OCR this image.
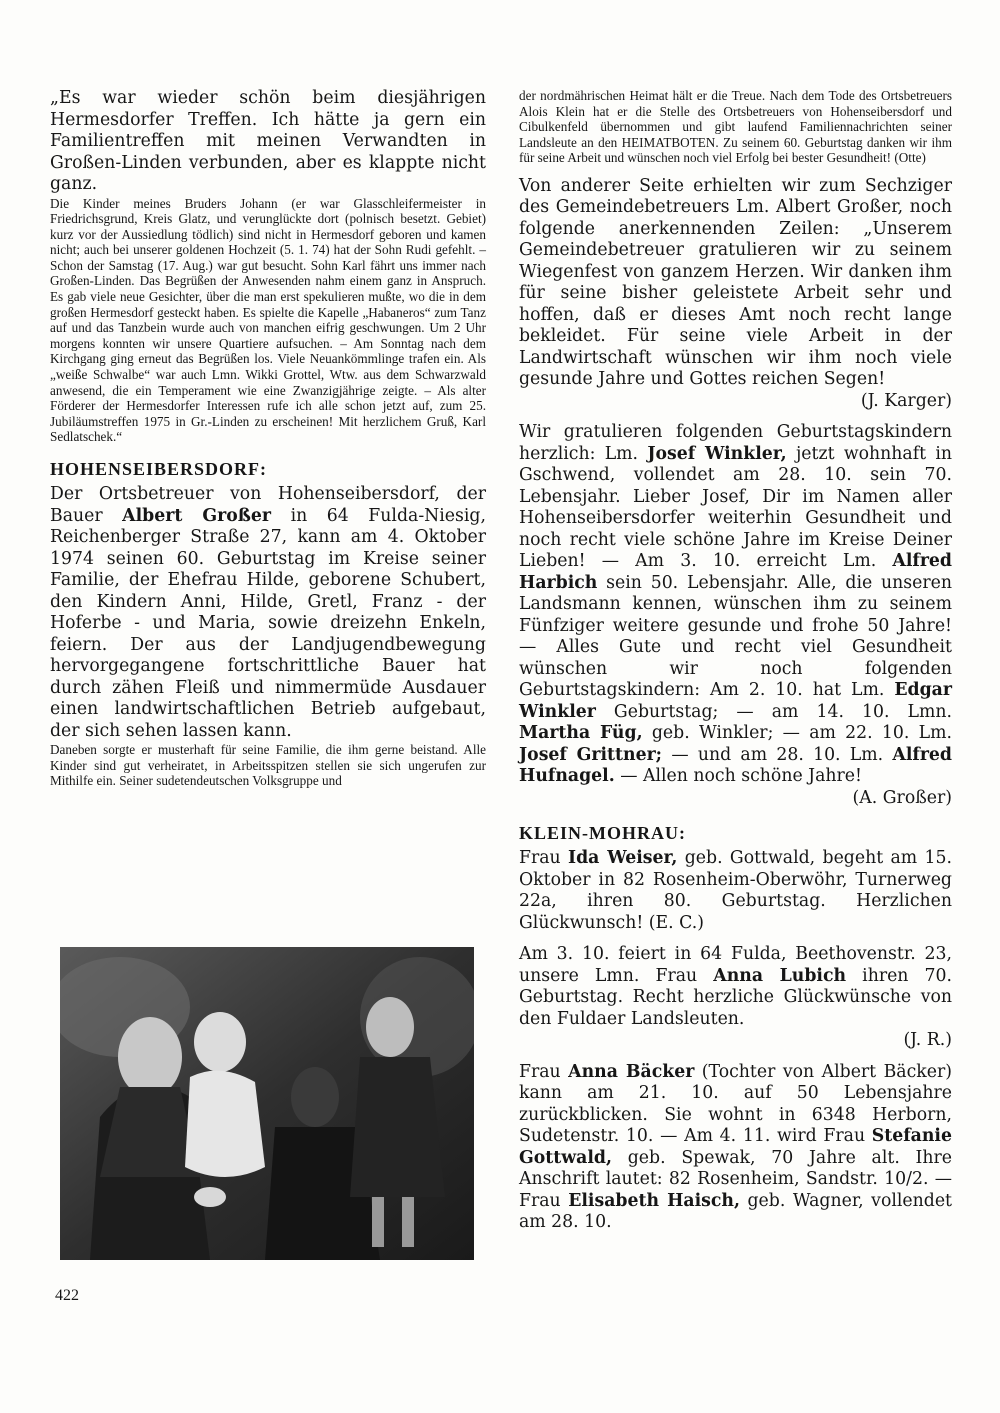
„Es war wieder schön beim diesjährigen Hermesdorfer Treffen. Ich hätte ja gern ein Familientreffen mit meinen Verwandten in Großen-Linden verbunden, aber es klappte nicht ganz.

Die Kinder meines Bruders Johann (er war Glasschleifermeister in Friedrichsgrund, Kreis Glatz, und verunglückte dort (polnisch besetzt. Gebiet) kurz vor der Aussiedlung tödlich) sind nicht in Hermesdorf geboren und kamen nicht; auch bei unserer goldenen Hochzeit (5. 1. 74) hat der Sohn Rudi gefehlt. – Schon der Samstag (17. Aug.) war gut besucht. Sohn Karl fährt uns immer nach Großen-Linden. Das Begrüßen der Anwesenden nahm einem ganz in Anspruch. Es gab viele neue Gesichter, über die man erst spekulieren mußte, wo die in dem großen Hermesdorf gesteckt haben. Es spielte die Kapelle „Habaneros“ zum Tanz auf und das Tanzbein wurde auch von manchen eifrig geschwungen. Um 2 Uhr morgens konnten wir unsere Quartiere aufsuchen. – Am Sonntag nach dem Kirchgang ging erneut das Begrüßen los. Viele Neuankömmlinge trafen ein. Als „weiße Schwalbe“ war auch Lmn. Wikki Grottel, Wtw. aus dem Schwarzwald anwesend, die ein Temperament wie eine Zwanzigjährige zeigte. – Als alter Förderer der Hermesdorfer Interessen rufe ich alle schon jetzt auf, zum 25. Jubiläumstreffen 1975 in Gr.-Linden zu erscheinen! Mit herzlichem Gruß, Karl Sedlatschek.“

HOHENSEIBERSDORF:

Der Ortsbetreuer von Hohenseibersdorf, der Bauer Albert Großer in 64 Fulda-Niesig, Reichenberger Straße 27, kann am 4. Oktober 1974 seinen 60. Geburtstag im Kreise seiner Familie, der Ehefrau Hilde, geborene Schubert, den Kindern Anni, Hilde, Gretl, Franz - der Hoferbe - und Maria, sowie dreizehn Enkeln, feiern. Der aus der Landjugendbewegung hervorgegangene fortschrittliche Bauer hat durch zähen Fleiß und nimmermüde Ausdauer einen landwirtschaftlichen Betrieb aufgebaut, der sich sehen lassen kann.

Daneben sorgte er musterhaft für seine Familie, die ihm gerne beistand. Alle Kinder sind gut verheiratet, in Arbeitsspitzen stellen sie sich ungerufen zur Mithilfe ein. Seiner sudetendeutschen Volksgruppe und

der nordmährischen Heimat hält er die Treue. Nach dem Tode des Ortsbetreuers Alois Klein hat er die Stelle des Ortsbetreuers von Hohenseibersdorf und Cibulkenfeld übernommen und gibt laufend Familiennachrichten seiner Landsleute an den HEIMATBOTEN. Zu seinem 60. Geburtstag danken wir ihm für seine Arbeit und wünschen noch viel Erfolg bei bester Gesundheit! (Otte)

Von anderer Seite erhielten wir zum Sechziger des Gemeindebetreuers Lm. Albert Großer, noch folgende anerkennenden Zeilen: „Unserem Gemeindebetreuer gratulieren wir zu seinem Wiegenfest von ganzem Herzen. Wir danken ihm für seine bisher geleistete Arbeit sehr und hoffen, daß er dieses Amt noch recht lange bekleidet. Für seine viele Arbeit in der Landwirtschaft wünschen wir ihm noch viele gesunde Jahre und Gottes reichen Segen!

(J. Karger)

Wir gratulieren folgenden Geburtstagskindern herzlich: Lm. Josef Winkler, jetzt wohnhaft in Gschwend, vollendet am 28. 10. sein 70. Lebensjahr. Lieber Josef, Dir im Namen aller Hohenseibersdorfer weiterhin Gesundheit und noch recht viele schöne Jahre im Kreise Deiner Lieben! — Am 3. 10. erreicht Lm. Alfred Harbich sein 50. Lebensjahr. Alle, die unseren Landsmann kennen, wünschen ihm zu seinem Fünfziger weitere gesunde und frohe 50 Jahre! — Alles Gute und recht viel Gesundheit wünschen wir noch folgenden Geburtstagskindern: Am 2. 10. hat Lm. Edgar Winkler Geburtstag; — am 14. 10. Lmn. Martha Füg, geb. Winkler; — am 22. 10. Lm. Josef Grittner; — und am 28. 10. Lm. Alfred Hufnagel. — Allen noch schöne Jahre!

(A. Großer)

KLEIN-MOHRAU:

Frau Ida Weiser, geb. Gottwald, begeht am 15. Oktober in 82 Rosenheim-Oberwöhr, Turnerweg 22a, ihren 80. Geburtstag. Herzlichen Glückwunsch! (E. C.)

Am 3. 10. feiert in 64 Fulda, Beethovenstr. 23, unsere Lmn. Frau Anna Lubich ihren 70. Geburtstag. Recht herzliche Glückwünsche von den Fuldaer Landsleuten.

(J. R.)

Frau Anna Bäcker (Tochter von Albert Bäcker) kann am 21. 10. auf 50 Lebensjahre zurückblicken. Sie wohnt in 6348 Herborn, Sudetenstr. 10. — Am 4. 11. wird Frau Stefanie Gottwald, geb. Spewak, 70 Jahre alt. Ihre Anschrift lautet: 82 Rosenheim, Sandstr. 10/2. — Frau Elisabeth Haisch, geb. Wagner, vollendet am 28. 10.

422
